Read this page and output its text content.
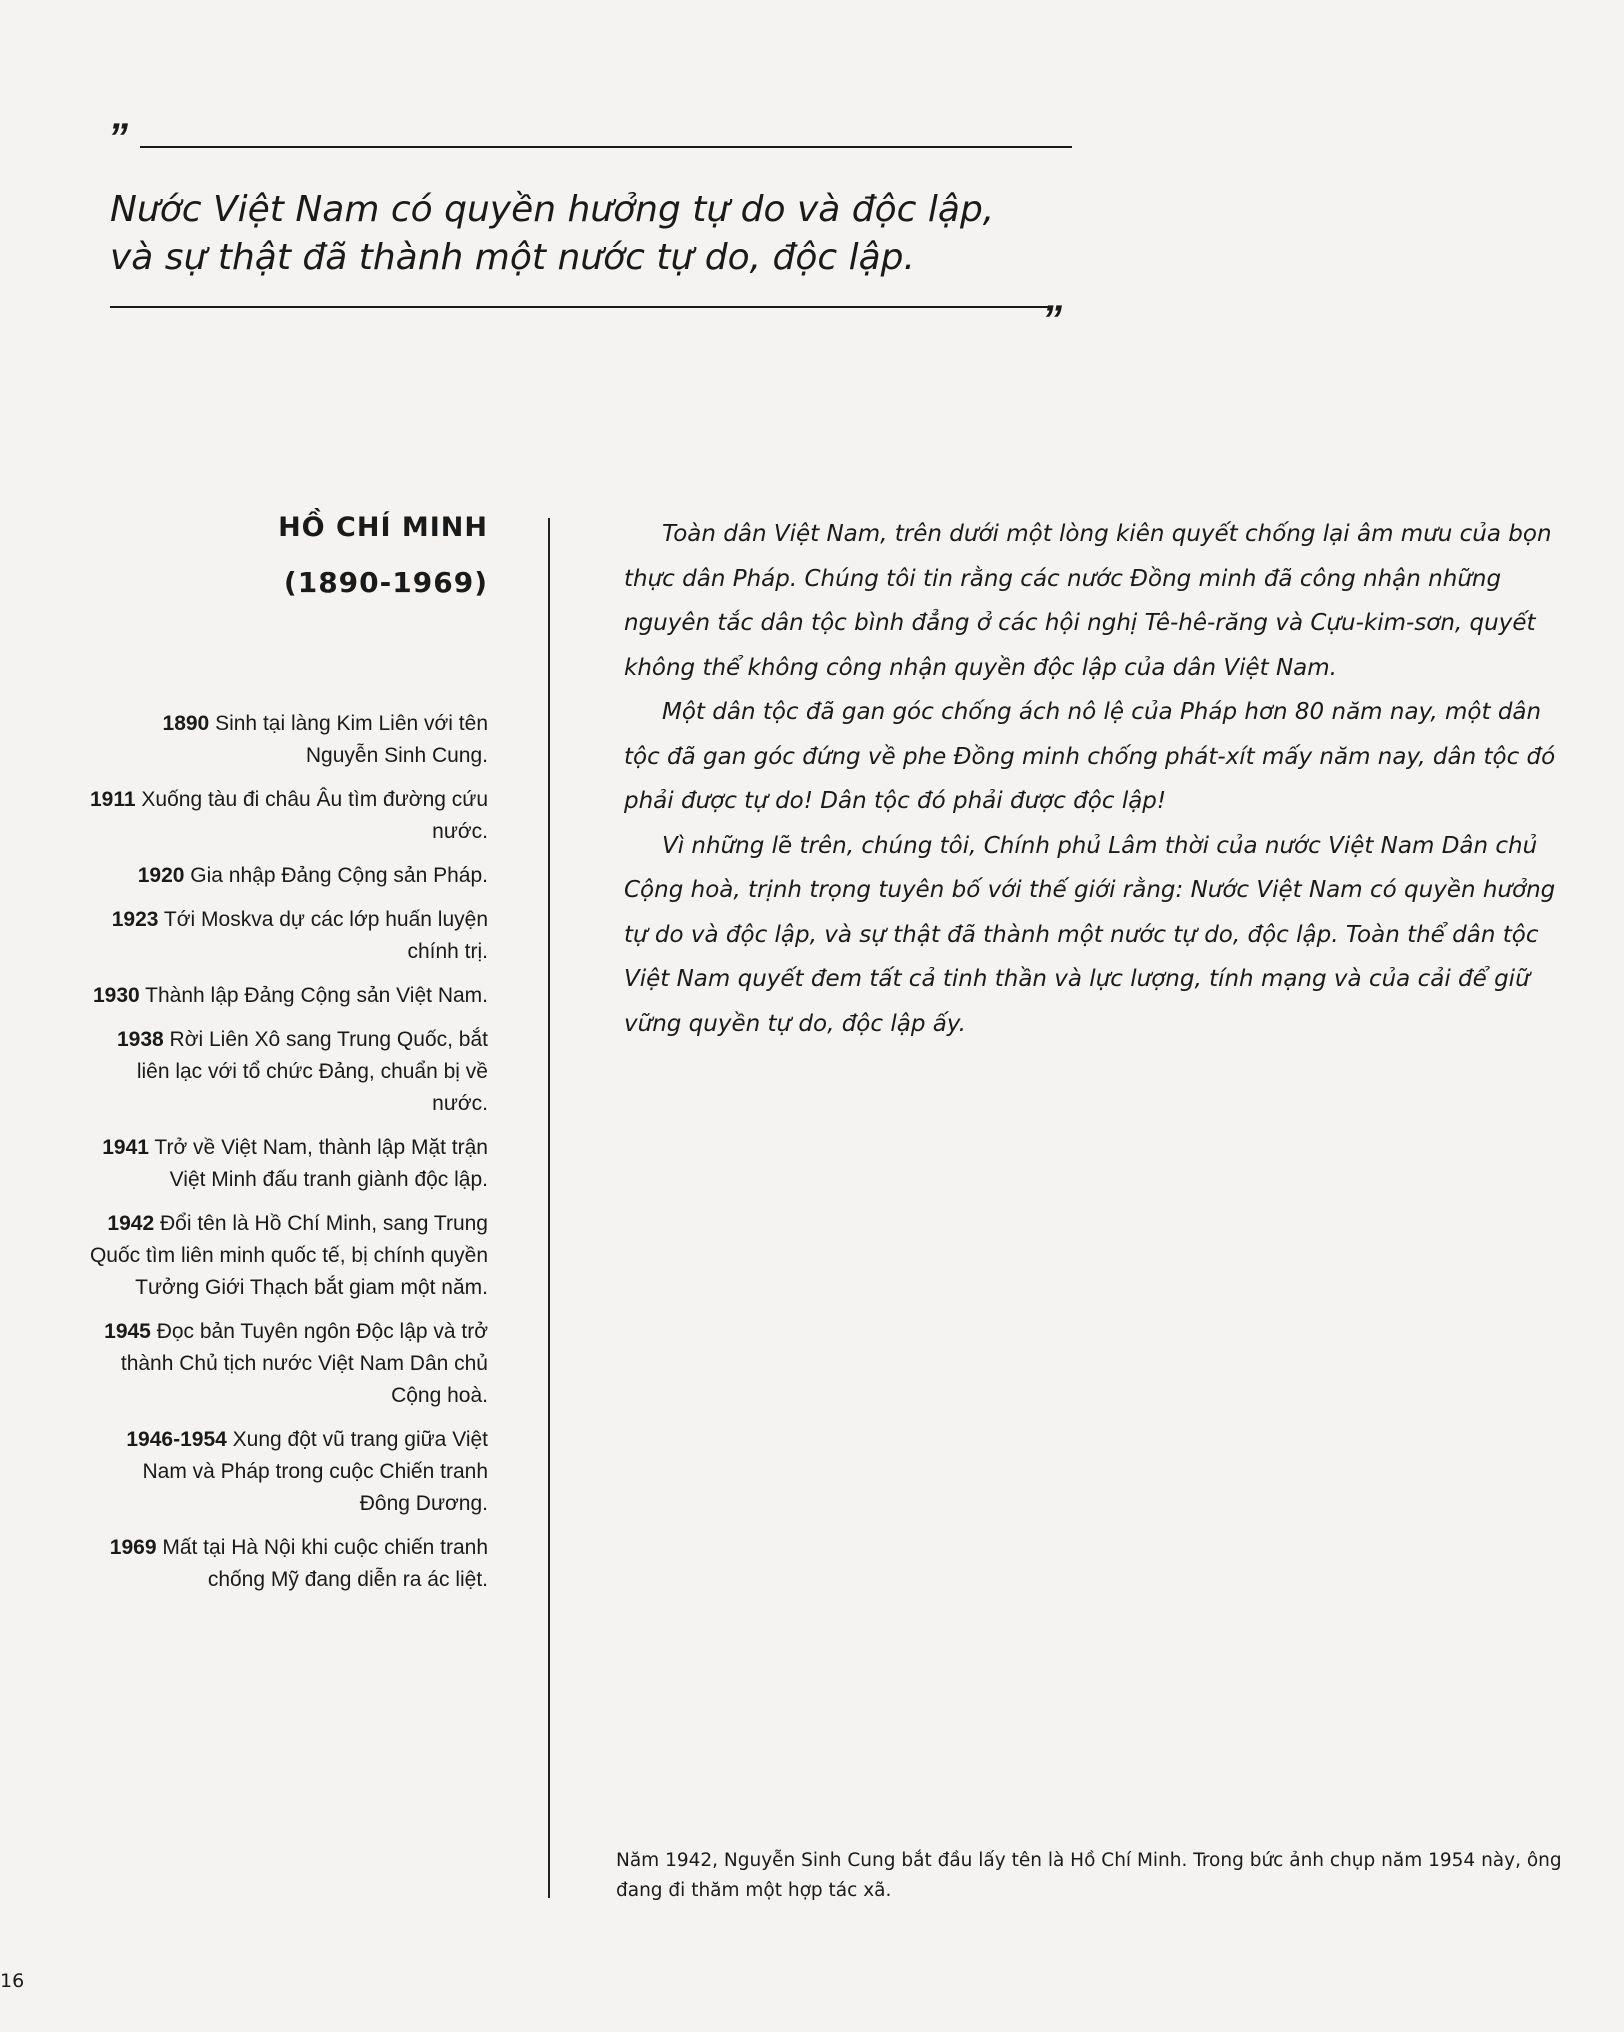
”
Nước Việt Nam có quyền hưởng tự do và độc lập,
và sự thật đã thành một nước tự do, độc lập.
”
HỒ CHÍ MINH
(1890-1969)
1890 Sinh tại làng Kim Liên với tên Nguyễn Sinh Cung.
1911 Xuống tàu đi châu Âu tìm đường cứu nước.
1920 Gia nhập Đảng Cộng sản Pháp.
1923 Tới Moskva dự các lớp huấn luyện chính trị.
1930 Thành lập Đảng Cộng sản Việt Nam.
1938 Rời Liên Xô sang Trung Quốc, bắt liên lạc với tổ chức Đảng, chuẩn bị về nước.
1941 Trở về Việt Nam, thành lập Mặt trận Việt Minh đấu tranh giành độc lập.
1942 Đổi tên là Hồ Chí Minh, sang Trung Quốc tìm liên minh quốc tế, bị chính quyền Tưởng Giới Thạch bắt giam một năm.
1945 Đọc bản Tuyên ngôn Độc lập và trở thành Chủ tịch nước Việt Nam Dân chủ Cộng hoà.
1946-1954 Xung đột vũ trang giữa Việt Nam và Pháp trong cuộc Chiến tranh Đông Dương.
1969 Mất tại Hà Nội khi cuộc chiến tranh chống Mỹ đang diễn ra ác liệt.

Toàn dân Việt Nam, trên dưới một lòng kiên quyết chống lại âm mưu của bọn thực dân Pháp. Chúng tôi tin rằng các nước Đồng minh đã công nhận những nguyên tắc dân tộc bình đẳng ở các hội nghị Tê-hê-răng và Cựu-kim-sơn, quyết không thể không công nhận quyền độc lập của dân Việt Nam.

Một dân tộc đã gan góc chống ách nô lệ của Pháp hơn 80 năm nay, một dân tộc đã gan góc đứng về phe Đồng minh chống phát-xít mấy năm nay, dân tộc đó phải được tự do! Dân tộc đó phải được độc lập!

Vì những lẽ trên, chúng tôi, Chính phủ Lâm thời của nước Việt Nam Dân chủ Cộng hoà, trịnh trọng tuyên bố với thế giới rằng: Nước Việt Nam có quyền hưởng tự do và độc lập, và sự thật đã thành một nước tự do, độc lập. Toàn thể dân tộc Việt Nam quyết đem tất cả tinh thần và lực lượng, tính mạng và của cải để giữ vững quyền tự do, độc lập ấy.

Năm 1942, Nguyễn Sinh Cung bắt đầu lấy tên là Hồ Chí Minh. Trong bức ảnh chụp năm 1954 này, ông đang đi thăm một hợp tác xã.
16
